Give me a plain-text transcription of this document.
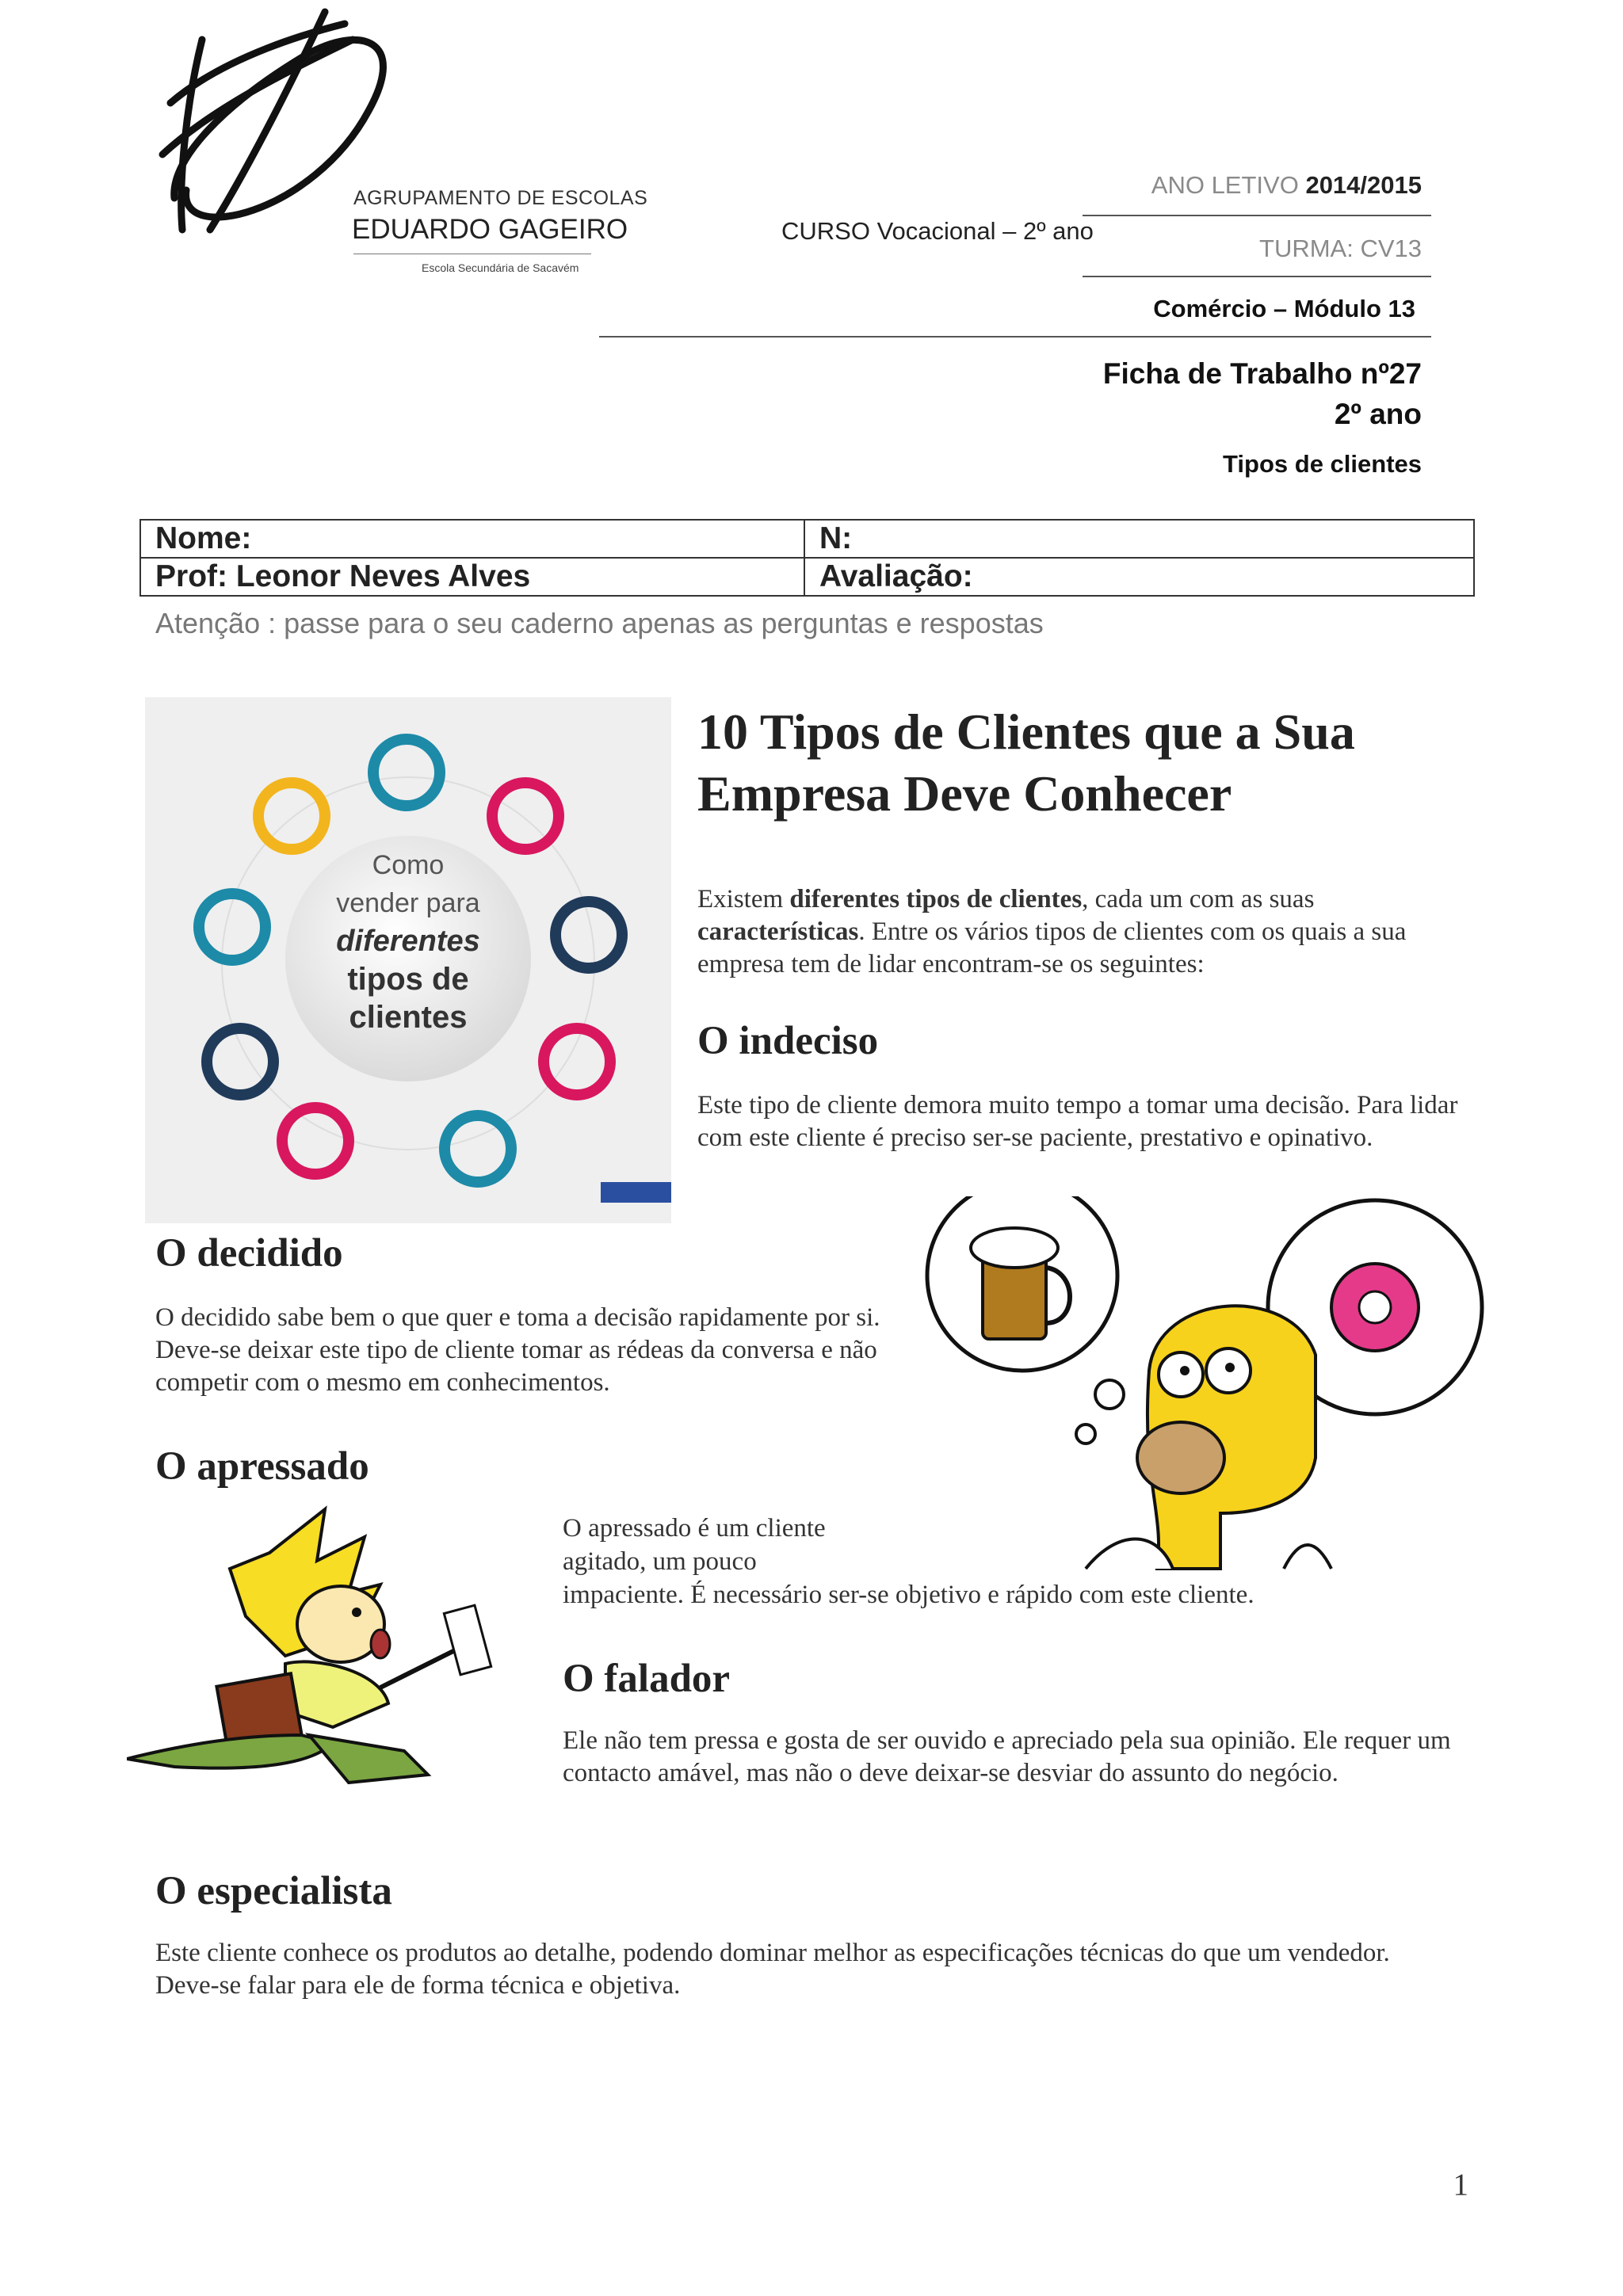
AGRUPAMENTO DE ESCOLAS
EDUARDO GAGEIRO
Escola Secundária de Sacavém
CURSO Vocacional – 2º ano
ANO LETIVO 2014/2015
TURMA: CV13
Comércio – Módulo 13
Ficha de Trabalho nº27
2º ano
Tipos de clientes
Nome:	N:
Prof: Leonor Neves Alves	Avaliação:
Atenção : passe para o seu caderno apenas as perguntas e respostas
Como
vender para
diferentes
tipos de
clientes
10 Tipos de Clientes que a Sua Empresa Deve Conhecer
Existem diferentes tipos de clientes, cada um com as suas características. Entre os vários tipos de clientes com os quais a sua empresa tem de lidar encontram-se os seguintes:
O indeciso
Este tipo de cliente demora muito tempo a tomar uma decisão. Para lidar com este cliente é preciso ser-se paciente, prestativo e opinativo.
O decidido
O decidido sabe bem o que quer e toma a decisão rapidamente por si. Deve-se deixar este tipo de cliente tomar as rédeas da conversa e não competir com o mesmo em conhecimentos.
O apressado
O apressado é um cliente
agitado, um pouco
impaciente. É necessário ser-se objetivo e rápido com este cliente.
O falador
Ele não tem pressa e gosta de ser ouvido e apreciado pela sua opinião. Ele requer um contacto amável, mas não o deve deixar-se desviar do assunto do negócio.
O especialista
Este cliente conhece os produtos ao detalhe, podendo dominar melhor as especificações técnicas do que um vendedor. Deve-se falar para ele de forma técnica e objetiva.
1
